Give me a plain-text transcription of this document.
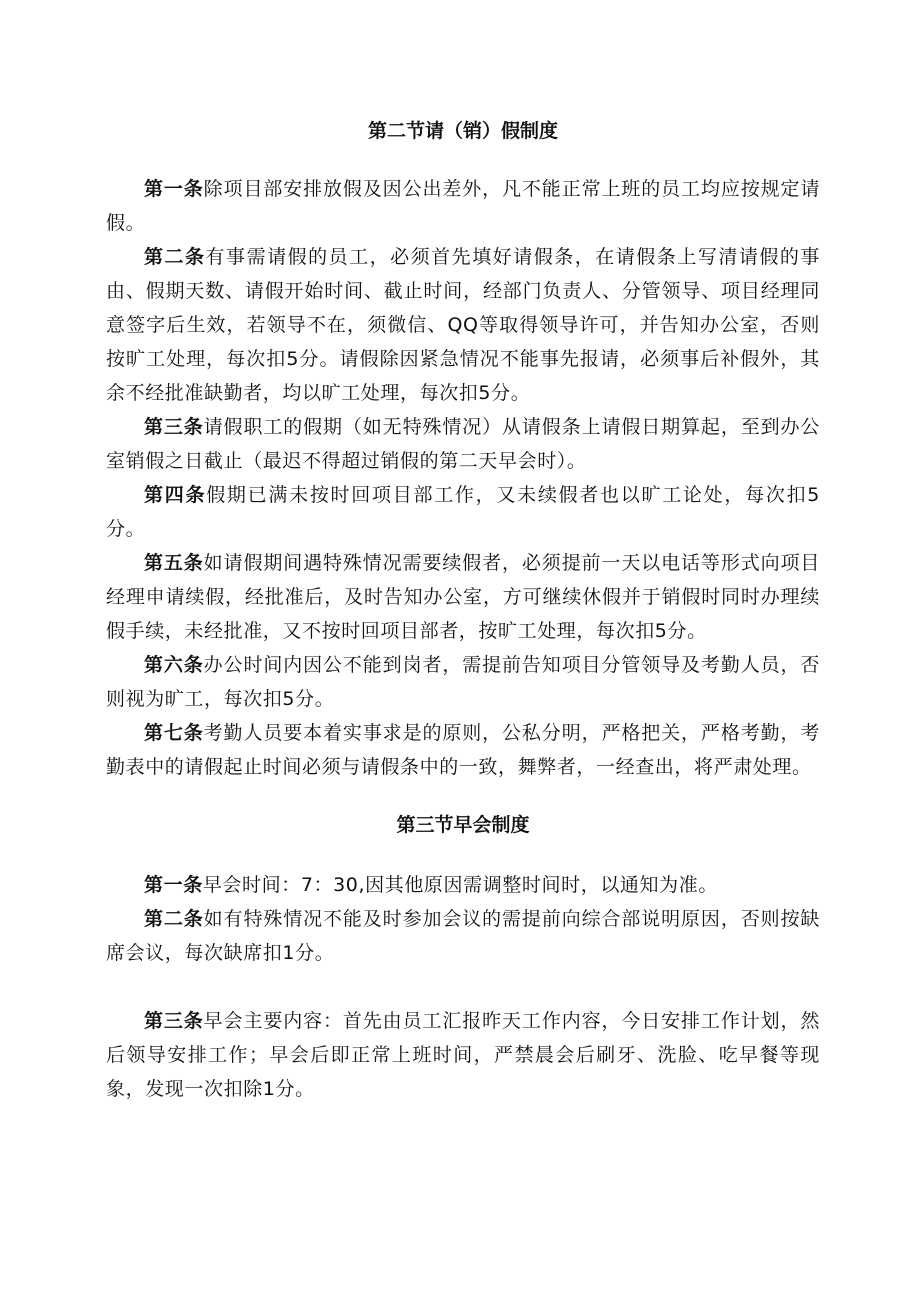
第二节请（销）假制度

第一条除项目部安排放假及因公出差外，凡不能正常上班的员工均应按规定请假。

第二条有事需请假的员工，必须首先填好请假条，在请假条上写清请假的事由、假期天数、请假开始时间、截止时间，经部门负责人、分管领导、项目经理同意签字后生效，若领导不在，须微信、QQ等取得领导许可，并告知办公室，否则按旷工处理，每次扣5分。请假除因紧急情况不能事先报请，必须事后补假外，其余不经批准缺勤者，均以旷工处理，每次扣5分。

第三条请假职工的假期（如无特殊情况）从请假条上请假日期算起，至到办公室销假之日截止（最迟不得超过销假的第二天早会时）。

第四条假期已满未按时回项目部工作，又未续假者也以旷工论处，每次扣5分。

第五条如请假期间遇特殊情况需要续假者，必须提前一天以电话等形式向项目经理申请续假，经批准后，及时告知办公室，方可继续休假并于销假时同时办理续假手续，未经批准，又不按时回项目部者，按旷工处理，每次扣5分。

第六条办公时间内因公不能到岗者，需提前告知项目分管领导及考勤人员，否则视为旷工，每次扣5分。

第七条考勤人员要本着实事求是的原则，公私分明，严格把关，严格考勤，考勤表中的请假起止时间必须与请假条中的一致，舞弊者，一经查出，将严肃处理。

第三节早会制度

第一条早会时间：7：30,因其他原因需调整时间时，以通知为准。

第二条如有特殊情况不能及时参加会议的需提前向综合部说明原因，否则按缺席会议，每次缺席扣1分。

第三条早会主要内容：首先由员工汇报昨天工作内容，今日安排工作计划，然后领导安排工作；早会后即正常上班时间，严禁晨会后刷牙、洗脸、吃早餐等现象，发现一次扣除1分。
